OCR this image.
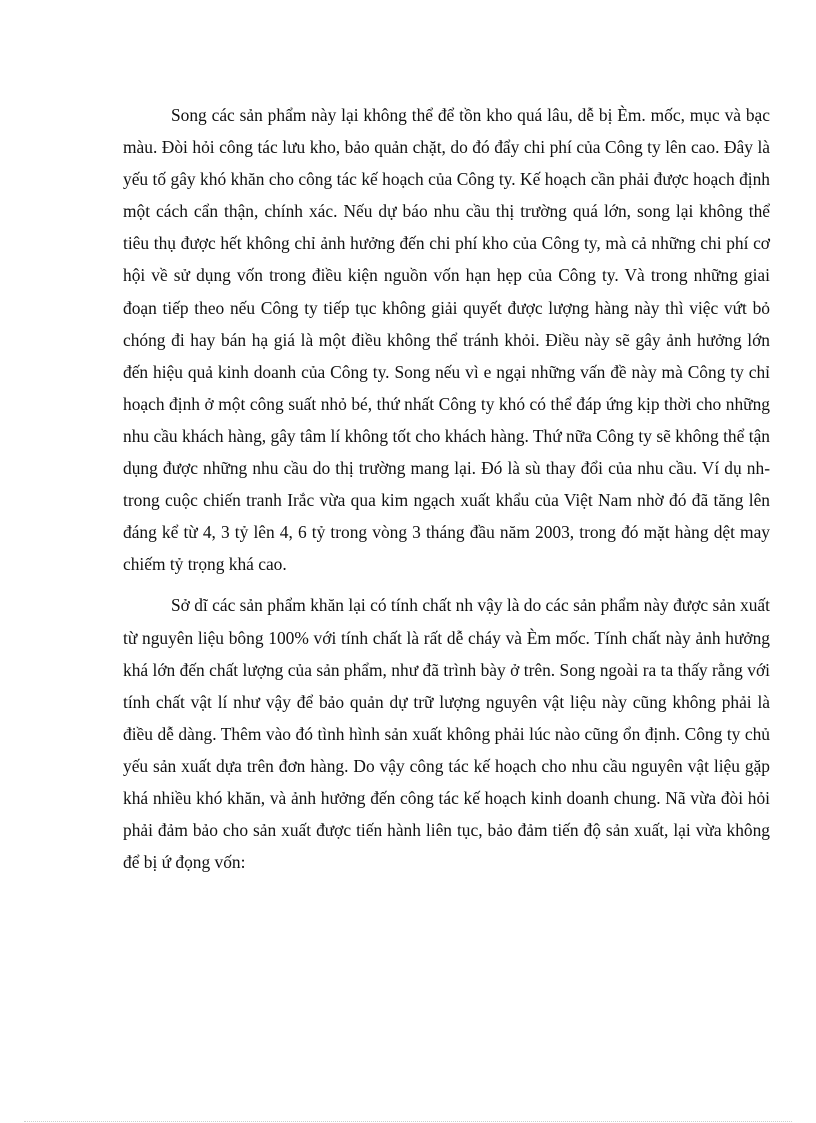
Song các sản phẩm này lại không thể để tồn kho quá lâu, dễ bị Èm. mốc, mục và bạc màu. Đòi hỏi công tác lưu kho, bảo quản chặt, do đó đẩy chi phí của Công ty lên cao. Đây là yếu tố gây khó khăn cho công tác kế hoạch của Công ty. Kế hoạch cần phải được hoạch định một cách cẩn thận, chính xác. Nếu dự báo nhu cầu thị trường quá lớn, song lại không thể tiêu thụ được hết không chỉ ảnh hưởng đến chi phí kho của Công ty, mà cả những chi phí cơ hội về sử dụng vốn trong điều kiện nguồn vốn hạn hẹp của Công ty. Và trong những giai đoạn tiếp theo nếu Công ty tiếp tục không giải quyết được lượng hàng này thì việc vứt bỏ chóng đi hay bán hạ giá là một điều không thể tránh khỏi. Điều này sẽ gây ảnh hưởng lớn đến hiệu quả kinh doanh của Công ty. Song nếu vì e ngại những vấn đề này mà Công ty chỉ hoạch định ở một công suất nhỏ bé, thứ nhất Công ty khó có thể đáp ứng kịp thời cho những nhu cầu khách hàng, gây tâm lí không tốt cho khách hàng. Thứ nữa Công ty sẽ không thể tận dụng được những nhu cầu do thị trường mang lại. Đó là sù thay đổi của nhu cầu. Ví dụ nh trong cuộc chiến tranh Irắc vừa qua kim ngạch xuất khẩu của Việt Nam nhờ đó đã tăng lên đáng kể từ 4, 3 tỷ lên 4, 6 tỷ trong vòng 3 tháng đầu năm 2003, trong đó mặt hàng dệt may chiếm tỷ trọng khá cao.

Sở dĩ các sản phẩm khăn lại có tính chất nh vậy là do các sản phẩm này được sản xuất từ nguyên liệu bông 100% với tính chất là rất dễ cháy và Èm mốc. Tính chất này ảnh hưởng khá lớn đến chất lượng của sản phẩm, như đã trình bày ở trên. Song ngoài ra ta thấy rằng với tính chất vật lí như vậy để bảo quản dự trữ lượng nguyên vật liệu này cũng không phải là điều dễ dàng. Thêm vào đó tình hình sản xuất không phải lúc nào cũng ổn định. Công ty chủ yếu sản xuất dựa trên đơn hàng. Do vậy công tác kế hoạch cho nhu cầu nguyên vật liệu gặp khá nhiều khó khăn, và ảnh hưởng đến công tác kế hoạch kinh doanh chung. Nã vừa đòi hỏi phải đảm bảo cho sản xuất được tiến hành liên tục, bảo đảm tiến độ sản xuất, lại vừa không để bị ứ đọng vốn:
